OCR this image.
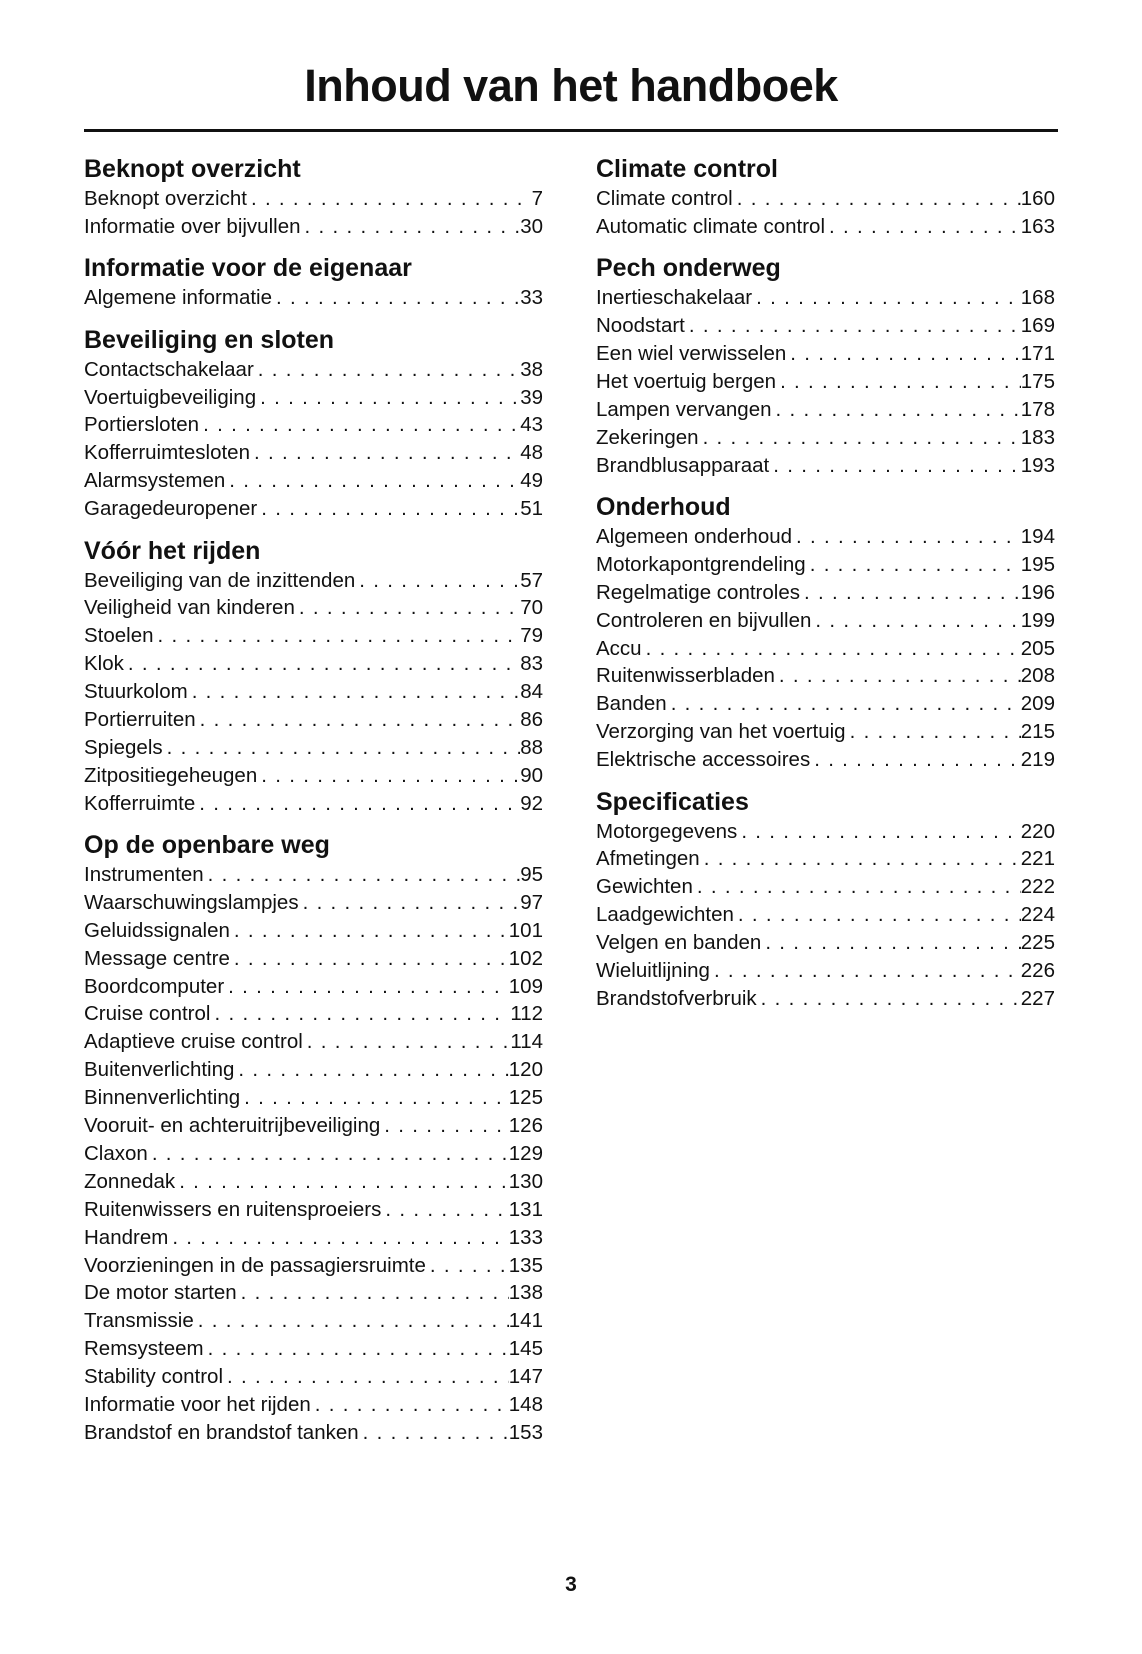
Inhoud van het handboek
Beknopt overzicht
Beknopt overzicht . . .	7
Informatie over bijvullen . . .	30
Informatie voor de eigenaar
Algemene informatie . . .	33
Beveiliging en sloten
Contactschakelaar . . .	38
Voertuigbeveiliging . . .	39
Portiersloten . . .	43
Kofferruimtesloten . . .	48
Alarmsystemen . . .	49
Garagedeuropener . . .	51
Vóór het rijden
Beveiliging van de inzittenden . . .	57
Veiligheid van kinderen . . .	70
Stoelen . . .	79
Klok . . .	83
Stuurkolom . . .	84
Portierruiten . . .	86
Spiegels . . .	88
Zitpositiegeheugen . . .	90
Kofferruimte . . .	92
Op de openbare weg
Instrumenten . . .	95
Waarschuwingslampjes . . .	97
Geluidssignalen . . .	101
Message centre . . .	102
Boordcomputer . . .	109
Cruise control . . .	112
Adaptieve cruise control . . .	114
Buitenverlichting . . .	120
Binnenverlichting . . .	125
Vooruit- en achteruitrijbeveiliging . . .	126
Claxon . . .	129
Zonnedak . . .	130
Ruitenwissers en ruitensproeiers . . .	131
Handrem . . .	133
Voorzieningen in de passagiersruimte . . .	135
De motor starten . . .	138
Transmissie . . .	141
Remsysteem . . .	145
Stability control . . .	147
Informatie voor het rijden . . .	148
Brandstof en brandstof tanken . . .	153
Climate control
Climate control . . .	160
Automatic climate control . . .	163
Pech onderweg
Inertieschakelaar . . .	168
Noodstart . . .	169
Een wiel verwisselen . . .	171
Het voertuig bergen . . .	175
Lampen vervangen . . .	178
Zekeringen . . .	183
Brandblusapparaat . . .	193
Onderhoud
Algemeen onderhoud . . .	194
Motorkapontgrendeling . . .	195
Regelmatige controles . . .	196
Controleren en bijvullen . . .	199
Accu . . .	205
Ruitenwisserbladen . . .	208
Banden . . .	209
Verzorging van het voertuig . . .	215
Elektrische accessoires . . .	219
Specificaties
Motorgegevens . . .	220
Afmetingen . . .	221
Gewichten . . .	222
Laadgewichten . . .	224
Velgen en banden . . .	225
Wieluitlijning . . .	226
Brandstofverbruik . . .	227
3
